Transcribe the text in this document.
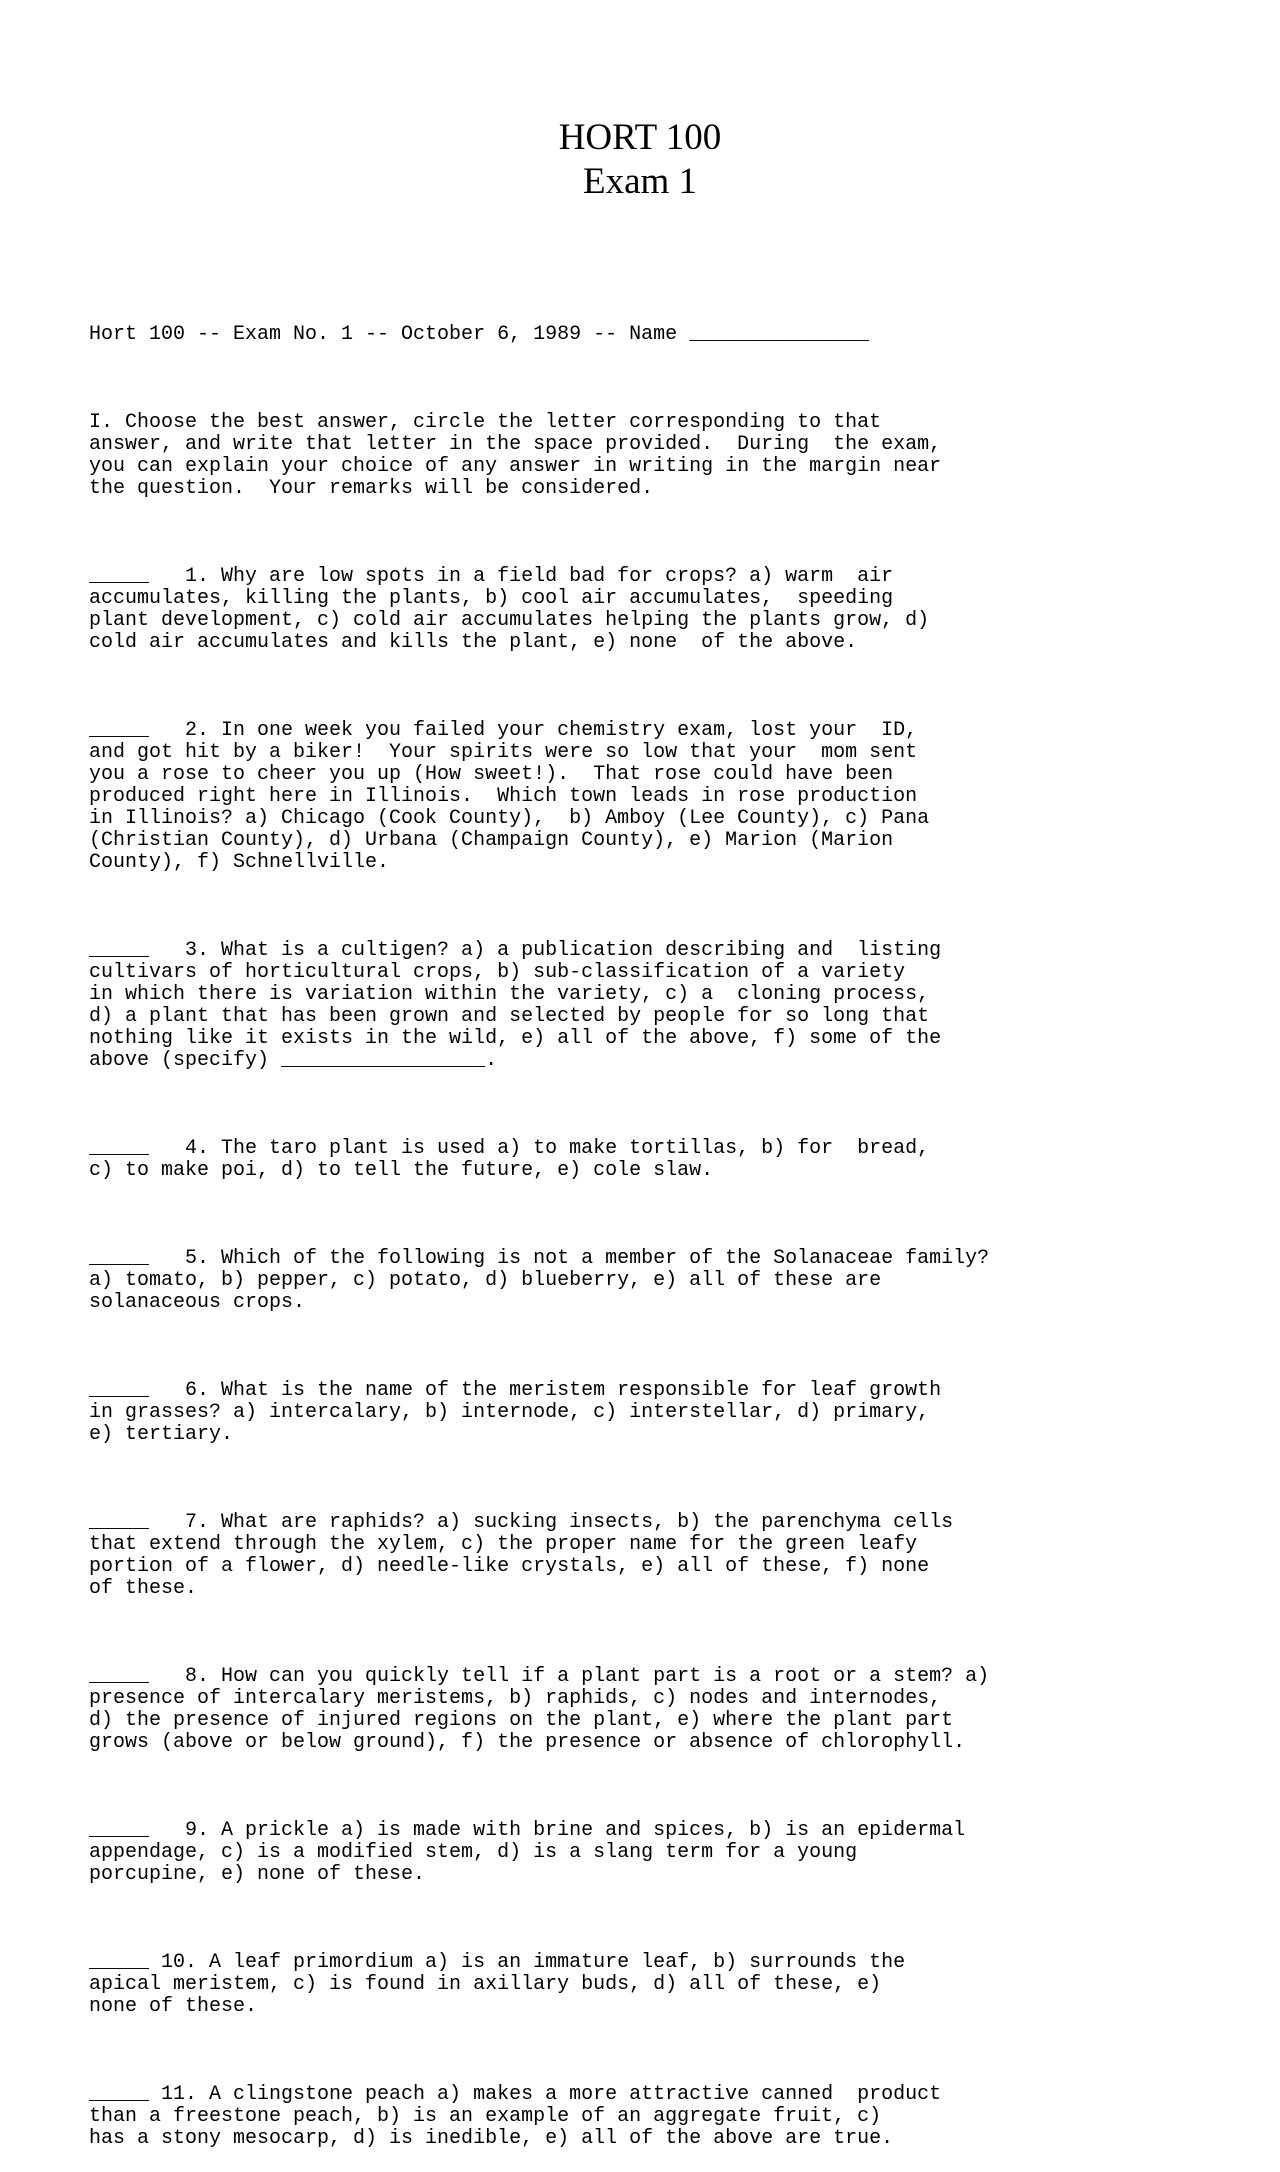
HORT 100
Exam 1

Hort 100 -- Exam No. 1 -- October 6, 1989 -- Name _______________

I. Choose the best answer, circle the letter corresponding to that
answer, and write that letter in the space provided.  During  the exam,
you can explain your choice of any answer in writing in the margin near
the question.  Your remarks will be considered.

_____   1. Why are low spots in a field bad for crops? a) warm  air
accumulates, killing the plants, b) cool air accumulates,  speeding
plant development, c) cold air accumulates helping the plants grow, d)
cold air accumulates and kills the plant, e) none  of the above.

_____   2. In one week you failed your chemistry exam, lost your  ID,
and got hit by a biker!  Your spirits were so low that your  mom sent
you a rose to cheer you up (How sweet!).  That rose could have been
produced right here in Illinois.  Which town leads in rose production
in Illinois? a) Chicago (Cook County),  b) Amboy (Lee County), c) Pana
(Christian County), d) Urbana (Champaign County), e) Marion (Marion
County), f) Schnellville.

_____   3. What is a cultigen? a) a publication describing and  listing
cultivars of horticultural crops, b) sub-classification of a variety
in which there is variation within the variety, c) a  cloning process,
d) a plant that has been grown and selected by people for so long that
nothing like it exists in the wild, e) all of the above, f) some of the
above (specify) _________________.

_____   4. The taro plant is used a) to make tortillas, b) for  bread,
c) to make poi, d) to tell the future, e) cole slaw.

_____   5. Which of the following is not a member of the Solanaceae family?
a) tomato, b) pepper, c) potato, d) blueberry, e) all of these are
solanaceous crops.

_____   6. What is the name of the meristem responsible for leaf growth
in grasses? a) intercalary, b) internode, c) interstellar, d) primary,
e) tertiary.

_____   7. What are raphids? a) sucking insects, b) the parenchyma cells
that extend through the xylem, c) the proper name for the green leafy
portion of a flower, d) needle-like crystals, e) all of these, f) none
of these.

_____   8. How can you quickly tell if a plant part is a root or a stem? a)
presence of intercalary meristems, b) raphids, c) nodes and internodes,
d) the presence of injured regions on the plant, e) where the plant part
grows (above or below ground), f) the presence or absence of chlorophyll.

_____   9. A prickle a) is made with brine and spices, b) is an epidermal
appendage, c) is a modified stem, d) is a slang term for a young
porcupine, e) none of these.

_____ 10. A leaf primordium a) is an immature leaf, b) surrounds the
apical meristem, c) is found in axillary buds, d) all of these, e)
none of these.

_____ 11. A clingstone peach a) makes a more attractive canned  product
than a freestone peach, b) is an example of an aggregate fruit, c)
has a stony mesocarp, d) is inedible, e) all of the above are true.
